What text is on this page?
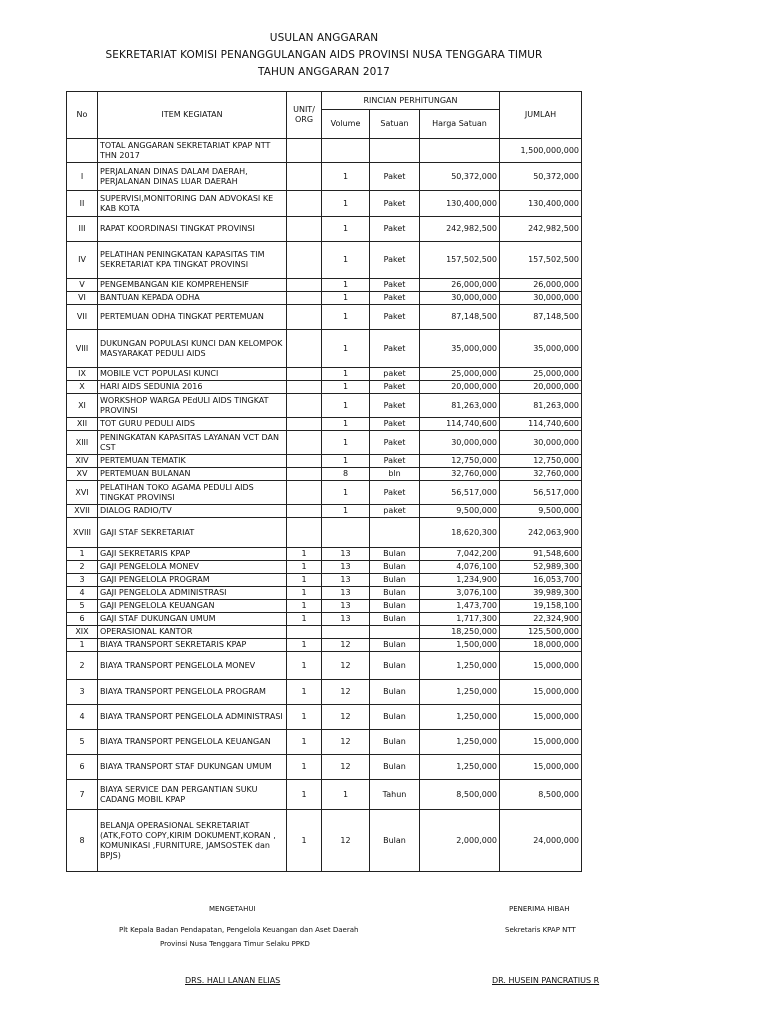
USULAN ANGGARAN
SEKRETARIAT KOMISI PENANGGULANGAN AIDS PROVINSI NUSA TENGGARA TIMUR
TAHUN ANGGARAN 2017
No	ITEM KEGIATAN	UNIT/ ORG	RINCIAN PERHITUNGAN			JUMLAH
			Volume	Satuan	Harga Satuan	
	TOTAL ANGGARAN SEKRETARIAT KPAP NTT THN 2017					1,500,000,000
I	PERJALANAN DINAS DALAM DAERAH, PERJALANAN DINAS LUAR DAERAH		1	Paket	50,372,000	50,372,000
II	SUPERVISI,MONITORING DAN ADVOKASI KE KAB KOTA		1	Paket	130,400,000	130,400,000
III	RAPAT KOORDINASI TINGKAT PROVINSI		1	Paket	242,982,500	242,982,500
IV	PELATIHAN PENINGKATAN KAPASITAS TIM SEKRETARIAT KPA TINGKAT PROVINSI		1	Paket	157,502,500	157,502,500
V	PENGEMBANGAN KIE KOMPREHENSIF		1	Paket	26,000,000	26,000,000
VI	BANTUAN KEPADA ODHA		1	Paket	30,000,000	30,000,000
VII	PERTEMUAN ODHA TINGKAT PERTEMUAN		1	Paket	87,148,500	87,148,500
VIII	DUKUNGAN POPULASI KUNCI DAN KELOMPOK MASYARAKAT PEDULI AIDS		1	Paket	35,000,000	35,000,000
IX	MOBILE VCT POPULASI KUNCI		1	paket	25,000,000	25,000,000
X	HARI AIDS SEDUNIA 2016		1	Paket	20,000,000	20,000,000
XI	WORKSHOP WARGA PEdULI AIDS TINGKAT PROVINSI		1	Paket	81,263,000	81,263,000
XII	TOT GURU PEDULI AIDS		1	Paket	114,740,600	114,740,600
XIII	PENINGKATAN KAPASITAS LAYANAN VCT DAN CST		1	Paket	30,000,000	30,000,000
XIV	PERTEMUAN TEMATIK		1	Paket	12,750,000	12,750,000
XV	PERTEMUAN BULANAN		8	bln	32,760,000	32,760,000
XVI	PELATIHAN TOKO AGAMA PEDULI AIDS TINGKAT PROVINSI		1	Paket	56,517,000	56,517,000
XVII	DIALOG RADIO/TV		1	paket	9,500,000	9,500,000
XVIII	GAJI STAF SEKRETARIAT				18,620,300	242,063,900
1	GAJI SEKRETARIS KPAP	1	13	Bulan	7,042,200	91,548,600
2	GAJI PENGELOLA MONEV	1	13	Bulan	4,076,100	52,989,300
3	GAJI PENGELOLA PROGRAM	1	13	Bulan	1,234,900	16,053,700
4	GAJI PENGELOLA ADMINISTRASI	1	13	Bulan	3,076,100	39,989,300
5	GAJI PENGELOLA KEUANGAN	1	13	Bulan	1,473,700	19,158,100
6	GAJI STAF DUKUNGAN UMUM	1	13	Bulan	1,717,300	22,324,900
XIX	OPERASIONAL KANTOR				18,250,000	125,500,000
1	BIAYA TRANSPORT SEKRETARIS KPAP	1	12	Bulan	1,500,000	18,000,000
2	BIAYA TRANSPORT PENGELOLA MONEV	1	12	Bulan	1,250,000	15,000,000
3	BIAYA TRANSPORT PENGELOLA PROGRAM	1	12	Bulan	1,250,000	15,000,000
4	BIAYA TRANSPORT PENGELOLA ADMINISTRASI	1	12	Bulan	1,250,000	15,000,000
5	BIAYA TRANSPORT PENGELOLA KEUANGAN	1	12	Bulan	1,250,000	15,000,000
6	BIAYA TRANSPORT STAF DUKUNGAN UMUM	1	12	Bulan	1,250,000	15,000,000
7	BIAYA SERVICE DAN PERGANTIAN SUKU CADANG MOBIL KPAP	1	1	Tahun	8,500,000	8,500,000
8	BELANJA OPERASIONAL SEKRETARIAT (ATK,FOTO COPY,KIRIM DOKUMENT,KORAN , KOMUNIKASI ,FURNITURE, JAMSOSTEK dan BPJS)	1	12	Bulan	2,000,000	24,000,000
MENGETAHUI
Plt Kepala Badan Pendapatan, Pengelola Keuangan dan Aset Daerah
Provinsi Nusa Tenggara Timur Selaku PPKD
DRS. HALI LANAN ELIAS
PENERIMA HIBAH
Sekretaris KPAP NTT
DR. HUSEIN PANCRATIUS R
